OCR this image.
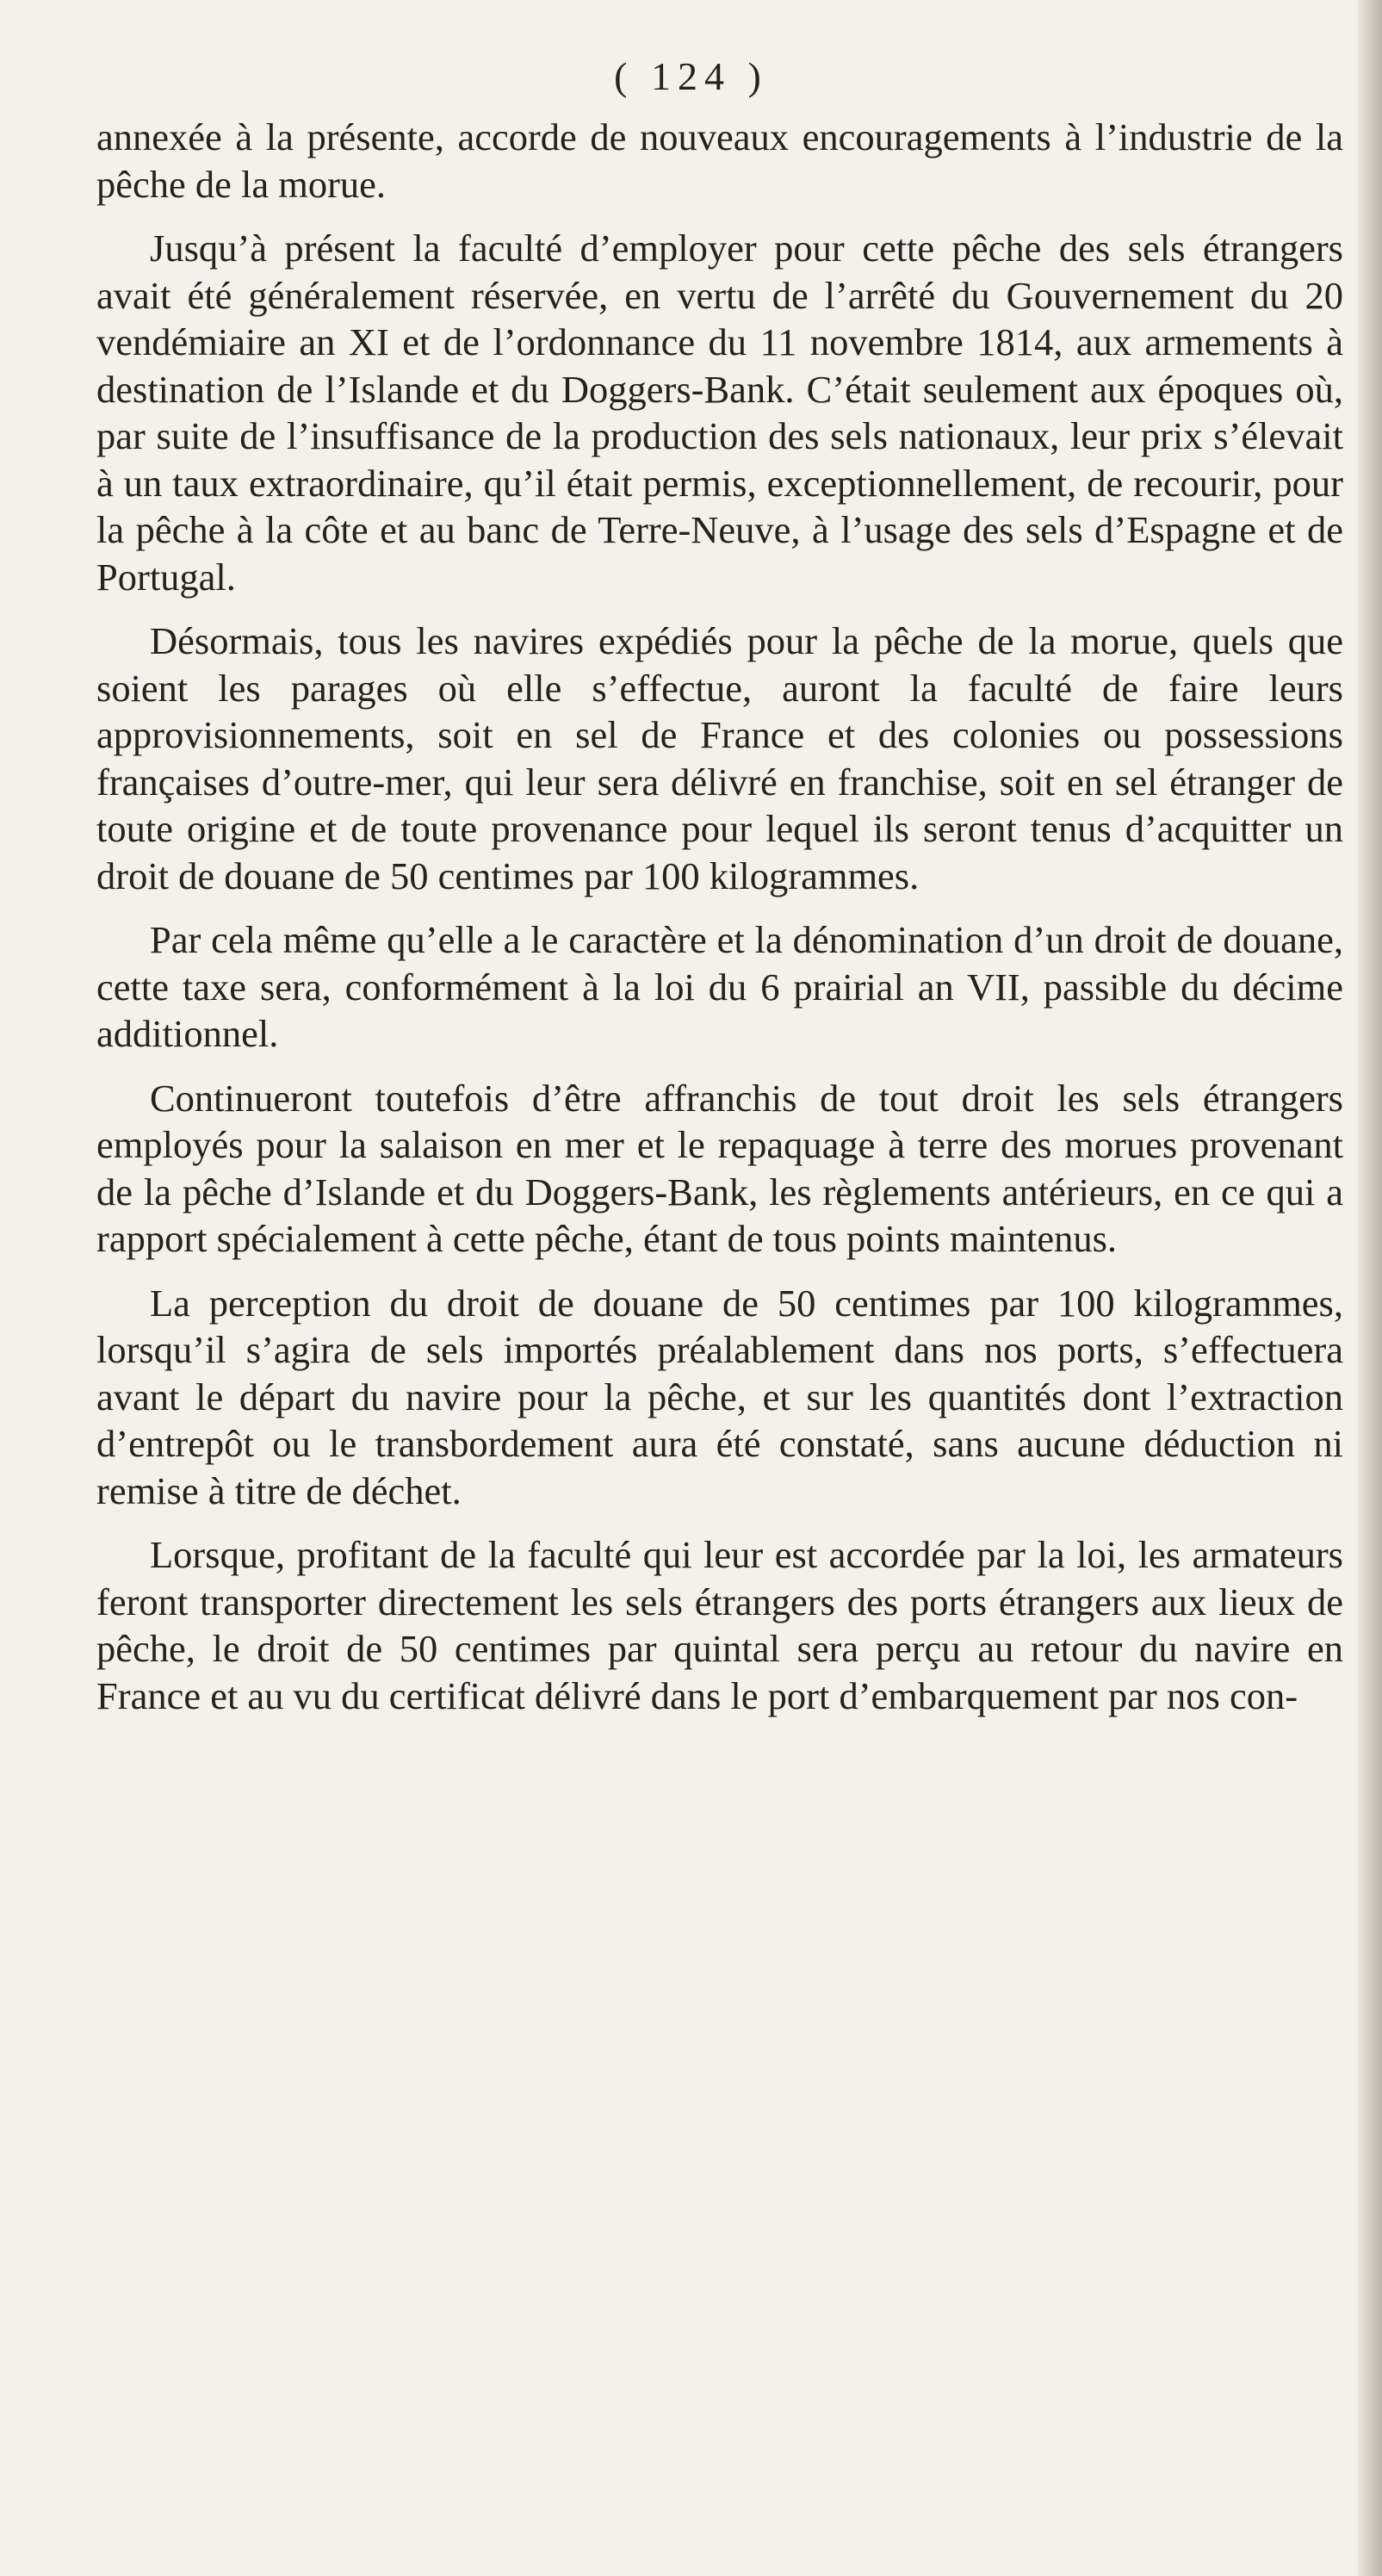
( 124 )

annexée à la présente, accorde de nouveaux encouragements à l’industrie de la pêche de la morue.

Jusqu’à présent la faculté d’employer pour cette pêche des sels étrangers avait été généralement réservée, en vertu de l’arrêté du Gouvernement du 20 vendémiaire an XI et de l’ordonnance du 11 novembre 1814, aux armements à destination de l’Islande et du Doggers-Bank. C’était seulement aux époques où, par suite de l’insuffisance de la production des sels nationaux, leur prix s’élevait à un taux extraordinaire, qu’il était permis, exceptionnellement, de recourir, pour la pêche à la côte et au banc de Terre-Neuve, à l’usage des sels d’Espagne et de Portugal.

Désormais, tous les navires expédiés pour la pêche de la morue, quels que soient les parages où elle s’effectue, auront la faculté de faire leurs approvisionnements, soit en sel de France et des colonies ou possessions françaises d’outre-mer, qui leur sera délivré en franchise, soit en sel étranger de toute origine et de toute provenance pour lequel ils seront tenus d’acquitter un droit de douane de 50 centimes par 100 kilogrammes.

Par cela même qu’elle a le caractère et la dénomination d’un droit de douane, cette taxe sera, conformément à la loi du 6 prairial an VII, passible du décime additionnel.

Continueront toutefois d’être affranchis de tout droit les sels étrangers employés pour la salaison en mer et le repaquage à terre des morues provenant de la pêche d’Islande et du Doggers-Bank, les règlements antérieurs, en ce qui a rapport spécialement à cette pêche, étant de tous points maintenus.

La perception du droit de douane de 50 centimes par 100 kilogrammes, lorsqu’il s’agira de sels importés préalablement dans nos ports, s’effectuera avant le départ du navire pour la pêche, et sur les quantités dont l’extraction d’entrepôt ou le transbordement aura été constaté, sans aucune déduction ni remise à titre de déchet.

Lorsque, profitant de la faculté qui leur est accordée par la loi, les armateurs feront transporter directement les sels étrangers des ports étrangers aux lieux de pêche, le droit de 50 centimes par quintal sera perçu au retour du navire en France et au vu du certificat délivré dans le port d’embarquement par nos con-
